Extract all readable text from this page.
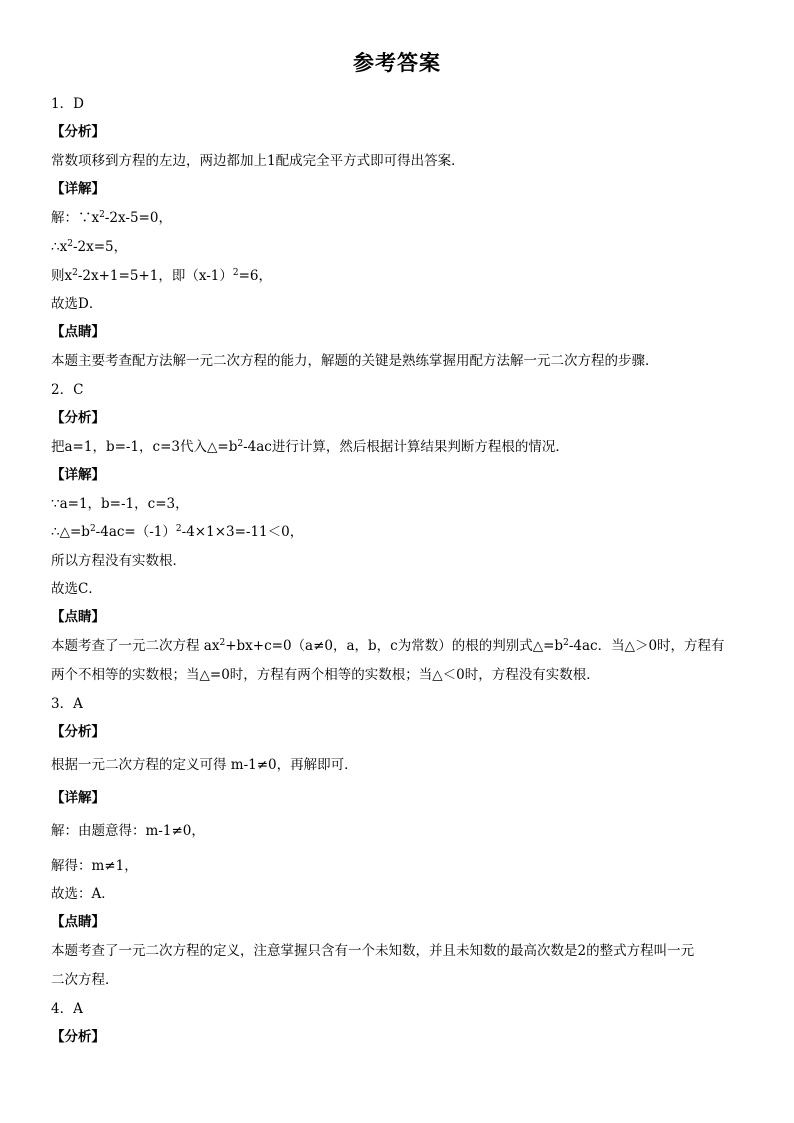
参考答案
1．D
【分析】
常数项移到方程的左边，两边都加上1配成完全平方式即可得出答案．
【详解】
解：$\because x^2-2x-5=0$，
$\therefore x^2-2x=5$，
则$x^2-2x+1=5+1$，即$(x-1)^2=6$，
故选D．
【点睛】
本题主要考查配方法解一元二次方程的能力，解题的关键是熟练掌握用配方法解一元二次方程的步骤．
2．C
【分析】
把a=1，b=-1，c=3代入$\triangle=b^2-4ac$进行计算，然后根据计算结果判断方程根的情况．
【详解】
∵a=1，b=-1，c=3，
$\therefore\triangle=b^2-4ac=(-1)^2-4\times 1\times 3=-11<0$，
所以方程没有实数根．
故选C．
【点睛】
本题考查了一元二次方程 $ax^2+bx+c=0(a\ne 0$，a，b，c为常数）的根的判别式$\triangle=b^2-4ac$．当△＞0时，方程有
两个不相等的实数根；当△=0时，方程有两个相等的实数根；当△＜0时，方程没有实数根．
3．A
【分析】
根据一元二次方程的定义可得 m-1≠0，再解即可．
【详解】
解：由题意得：m-1≠0，
解得：m≠1，
故选：A．
【点睛】
本题考查了一元二次方程的定义，注意掌握只含有一个未知数，并且未知数的最高次数是2的整式方程叫一元
二次方程．
4．A
【分析】
